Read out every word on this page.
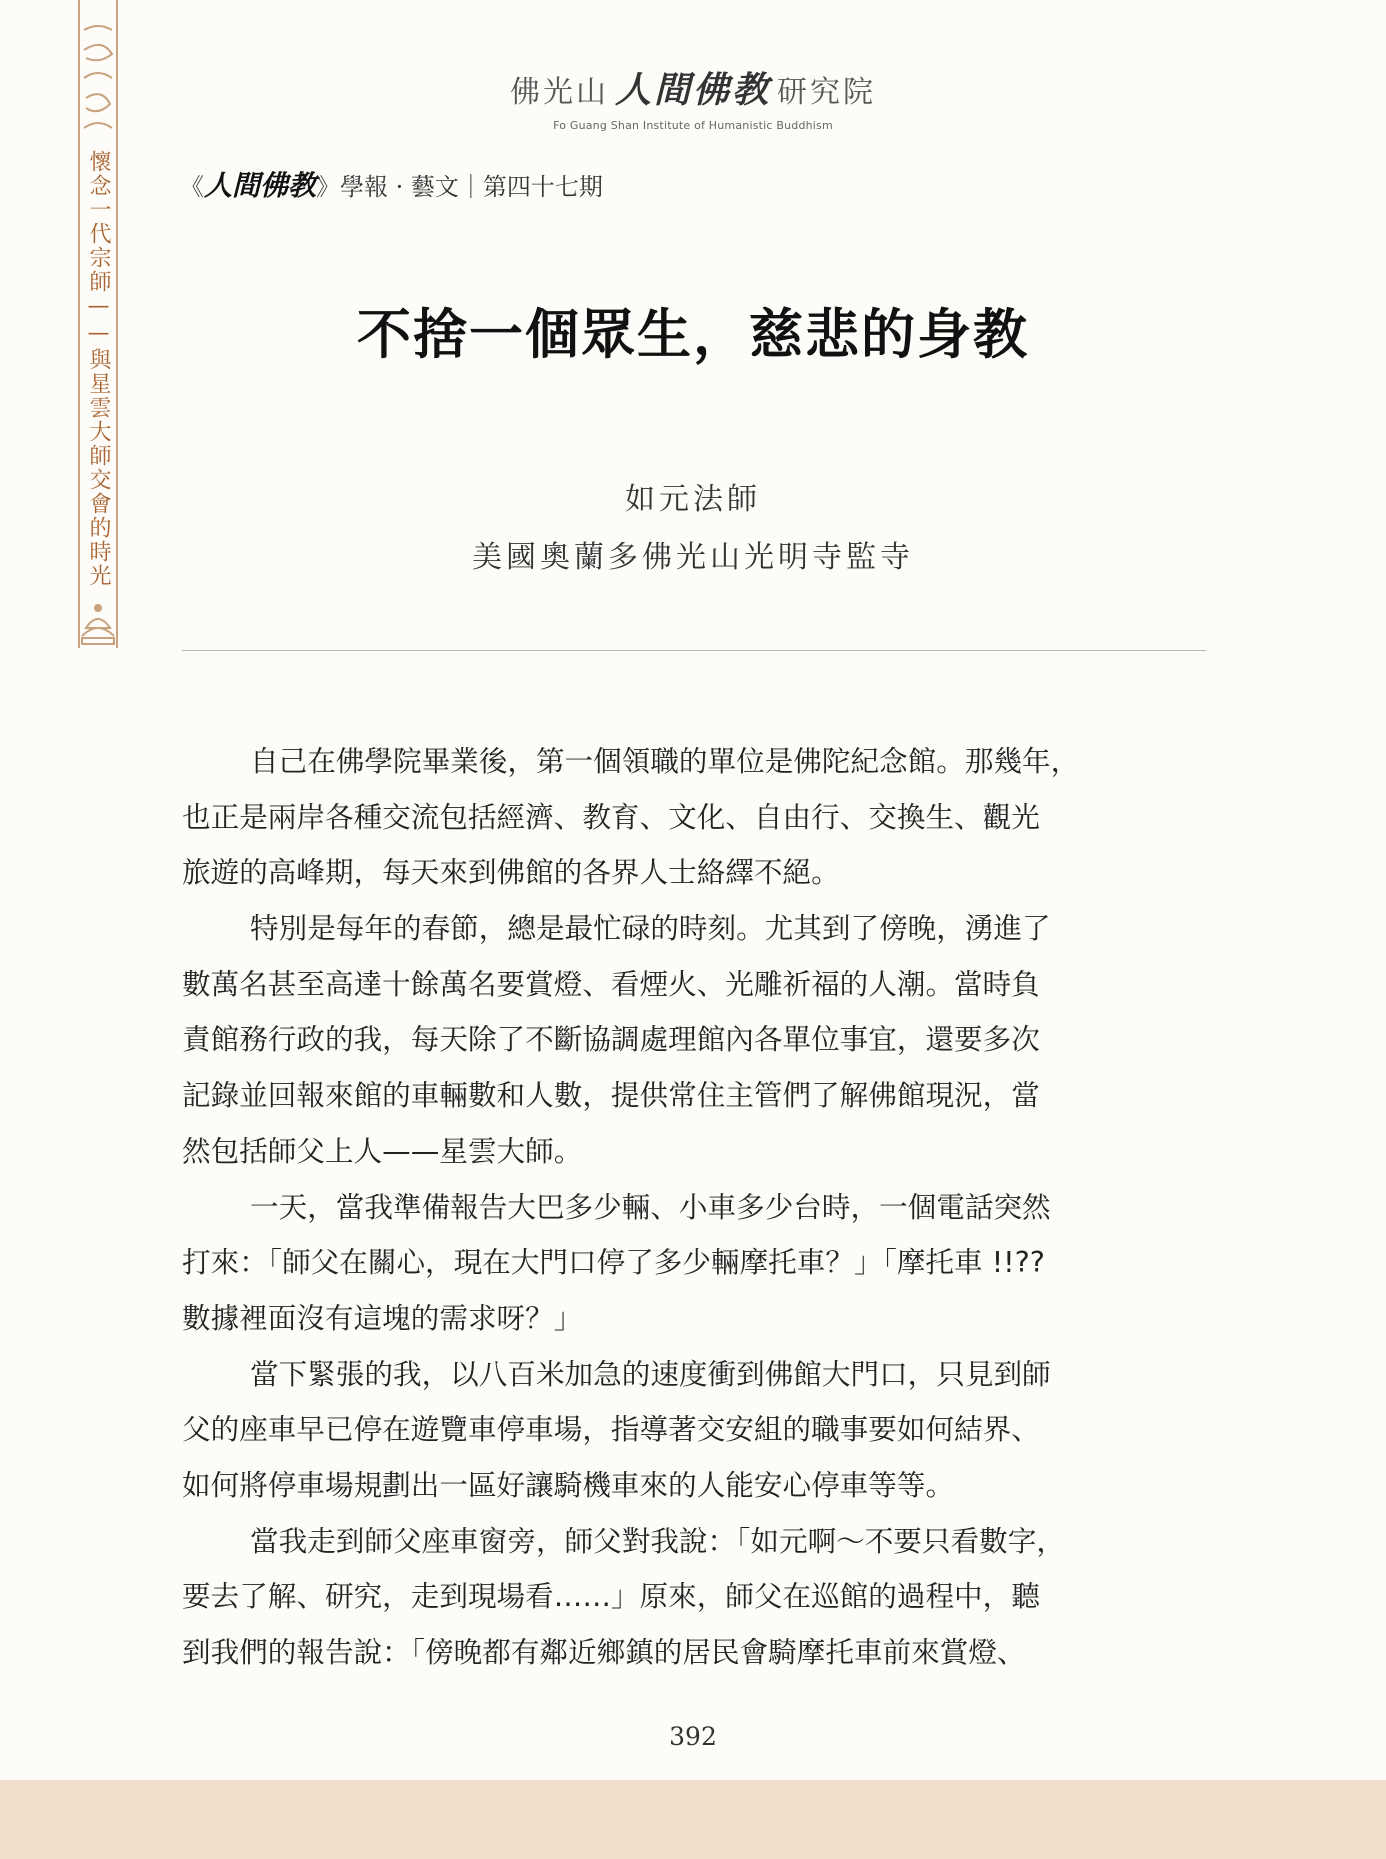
懷念一代宗師——與星雲大師交會的時光
佛光山 人間佛教 研究院
Fo Guang Shan Institute of Humanistic Buddhism
《人間佛教》學報 · 藝文｜第四十七期
不捨一個眾生，慈悲的身教
如元法師
美國奧蘭多佛光山光明寺監寺
自己在佛學院畢業後，第一個領職的單位是佛陀紀念館。那幾年，
也正是兩岸各種交流包括經濟、教育、文化、自由行、交換生、觀光
旅遊的高峰期，每天來到佛館的各界人士絡繹不絕。
特別是每年的春節，總是最忙碌的時刻。尤其到了傍晚，湧進了
數萬名甚至高達十餘萬名要賞燈、看煙火、光雕祈福的人潮。當時負
責館務行政的我，每天除了不斷協調處理館內各單位事宜，還要多次
記錄並回報來館的車輛數和人數，提供常住主管們了解佛館現況，當
然包括師父上人——星雲大師。
一天，當我準備報告大巴多少輛、小車多少台時，一個電話突然
打來：「師父在關心，現在大門口停了多少輛摩托車？」「摩托車 !!??
數據裡面沒有這塊的需求呀？」
當下緊張的我，以八百米加急的速度衝到佛館大門口，只見到師
父的座車早已停在遊覽車停車場，指導著交安組的職事要如何結界、
如何將停車場規劃出一區好讓騎機車來的人能安心停車等等。
當我走到師父座車窗旁，師父對我說：「如元啊～不要只看數字，
要去了解、研究，走到現場看……」原來，師父在巡館的過程中，聽
到我們的報告說：「傍晚都有鄰近鄉鎮的居民會騎摩托車前來賞燈、
392
